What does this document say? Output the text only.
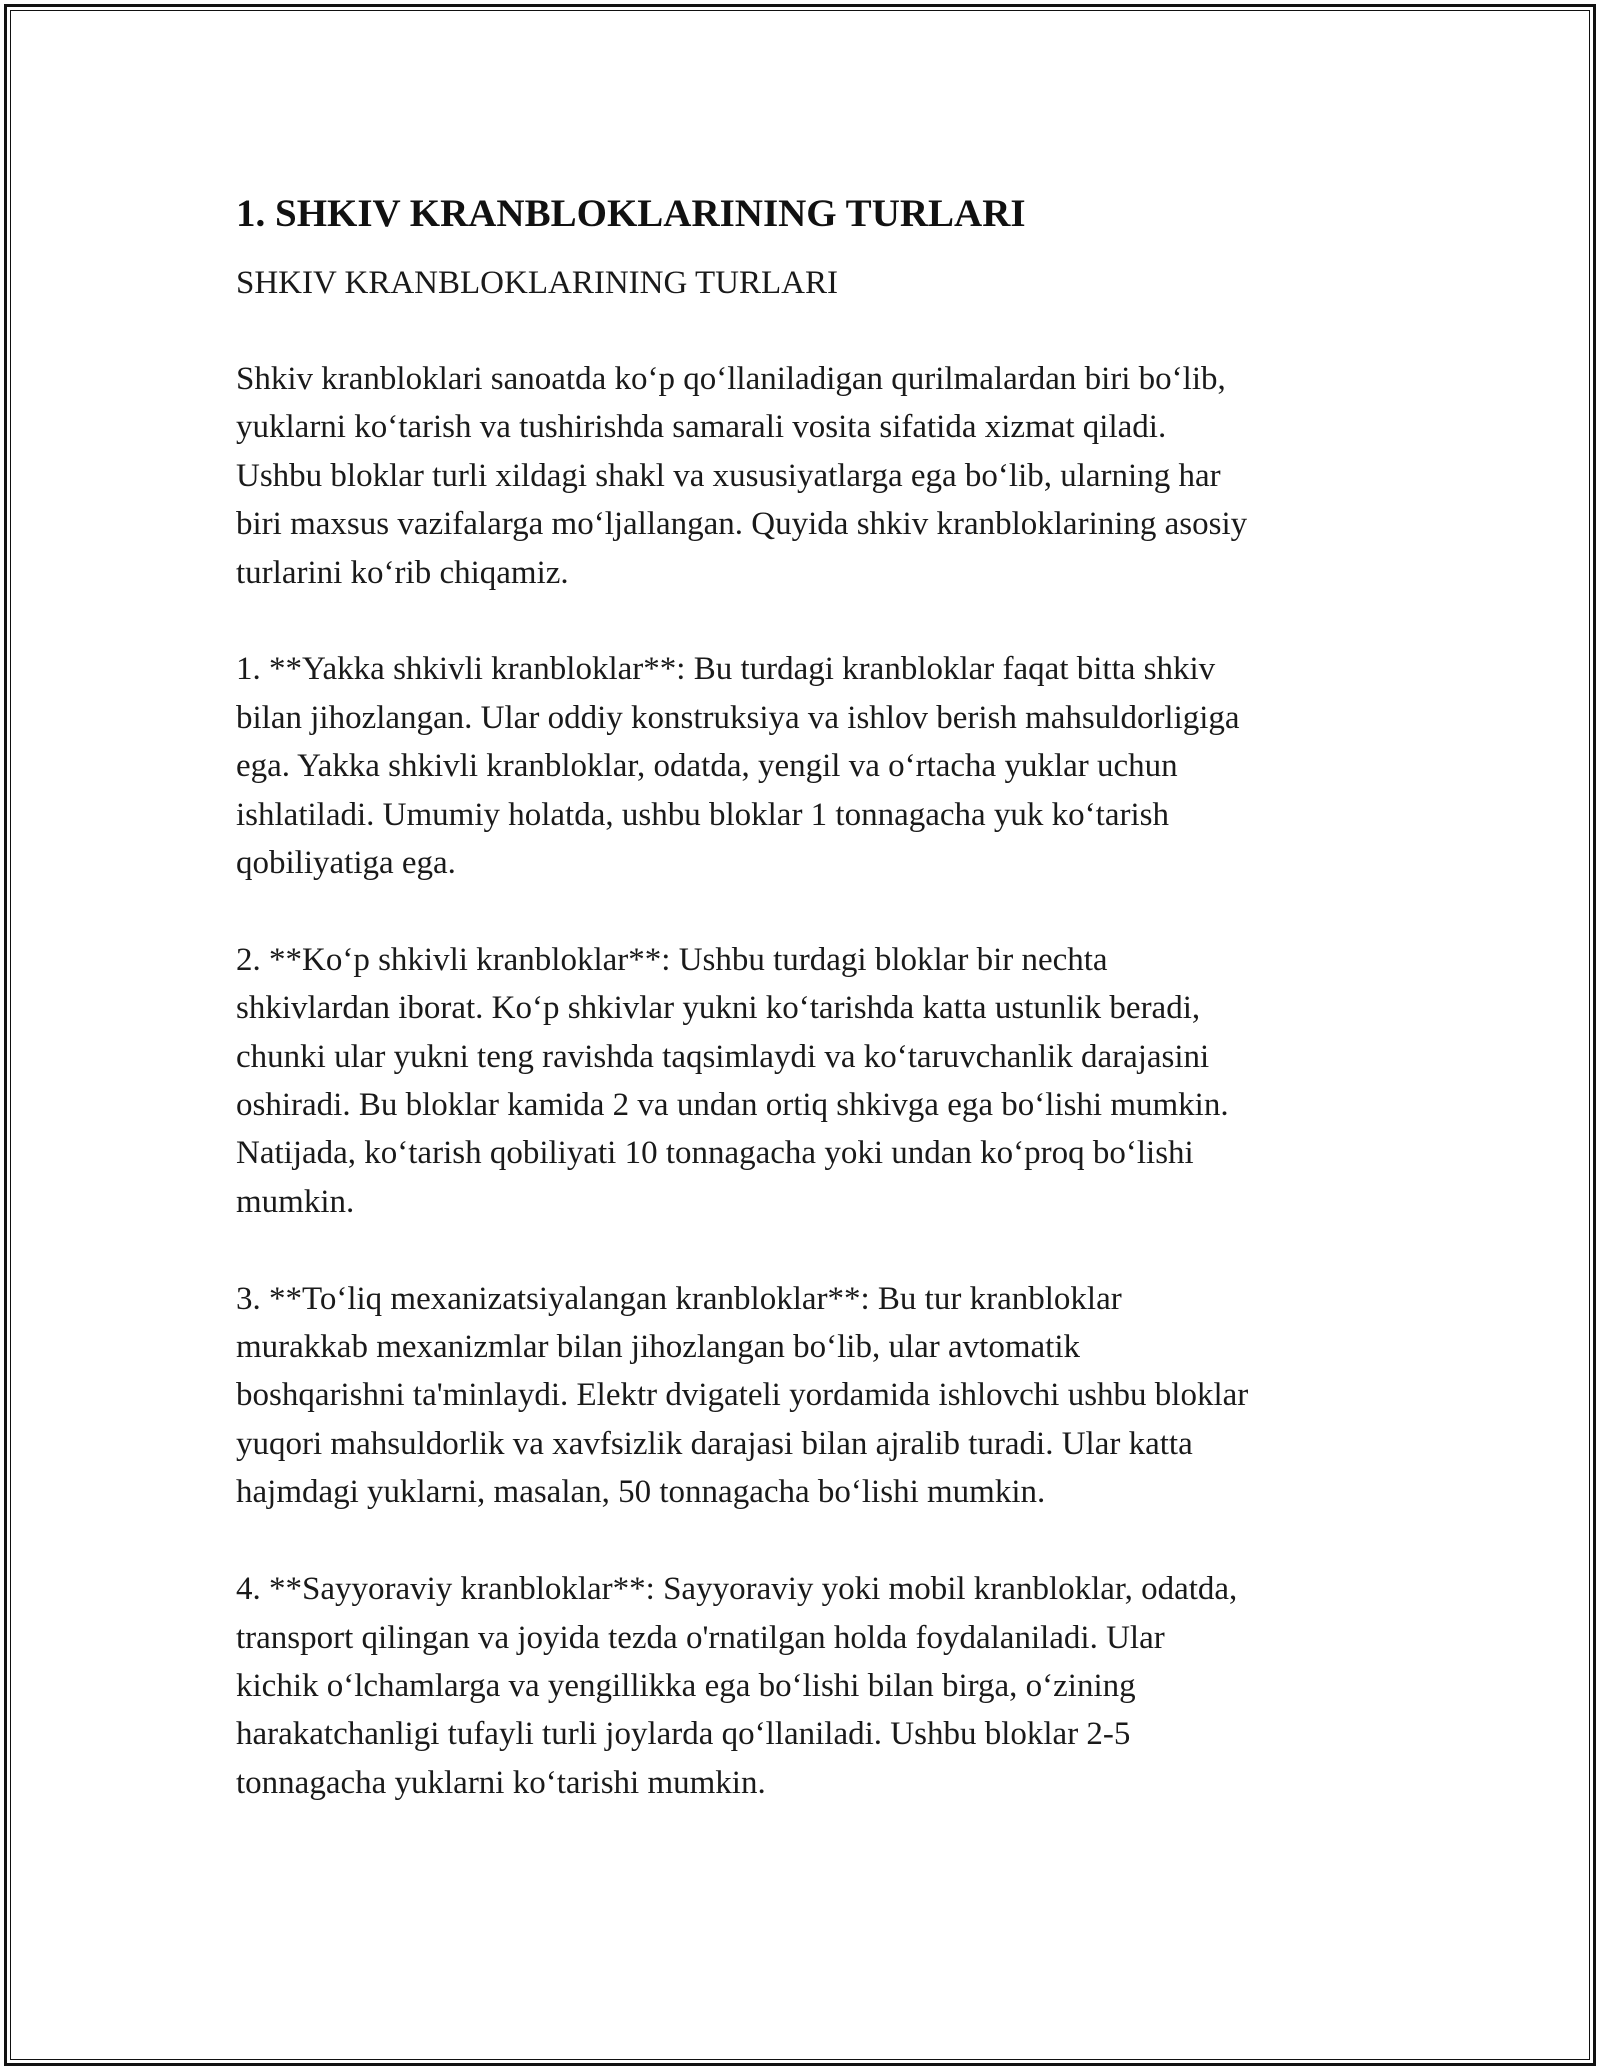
1. SHKIV KRANBLOKLARINING TURLARI
SHKIV KRANBLOKLARINING TURLARI

Shkiv kranbloklari sanoatda ko‘p qo‘llaniladigan qurilmalardan biri bo‘lib,
yuklarni ko‘tarish va tushirishda samarali vosita sifatida xizmat qiladi.
Ushbu bloklar turli xildagi shakl va xususiyatlarga ega bo‘lib, ularning har
biri maxsus vazifalarga mo‘ljallangan. Quyida shkiv kranbloklarining asosiy
turlarini ko‘rib chiqamiz.

1. **Yakka shkivli kranbloklar**: Bu turdagi kranbloklar faqat bitta shkiv
bilan jihozlangan. Ular oddiy konstruksiya va ishlov berish mahsuldorligiga
ega. Yakka shkivli kranbloklar, odatda, yengil va o‘rtacha yuklar uchun
ishlatiladi. Umumiy holatda, ushbu bloklar 1 tonnagacha yuk ko‘tarish
qobiliyatiga ega.

2. **Ko‘p shkivli kranbloklar**: Ushbu turdagi bloklar bir nechta
shkivlardan iborat. Ko‘p shkivlar yukni ko‘tarishda katta ustunlik beradi,
chunki ular yukni teng ravishda taqsimlaydi va ko‘taruvchanlik darajasini
oshiradi. Bu bloklar kamida 2 va undan ortiq shkivga ega bo‘lishi mumkin.
Natijada, ko‘tarish qobiliyati 10 tonnagacha yoki undan ko‘proq bo‘lishi
mumkin.

3. **To‘liq mexanizatsiyalangan kranbloklar**: Bu tur kranbloklar
murakkab mexanizmlar bilan jihozlangan bo‘lib, ular avtomatik
boshqarishni ta'minlaydi. Elektr dvigateli yordamida ishlovchi ushbu bloklar
yuqori mahsuldorlik va xavfsizlik darajasi bilan ajralib turadi. Ular katta
hajmdagi yuklarni, masalan, 50 tonnagacha bo‘lishi mumkin.

4. **Sayyoraviy kranbloklar**: Sayyoraviy yoki mobil kranbloklar, odatda,
transport qilingan va joyida tezda o'rnatilgan holda foydalaniladi. Ular
kichik o‘lchamlarga va yengillikka ega bo‘lishi bilan birga, o‘zining
harakatchanligi tufayli turli joylarda qo‘llaniladi. Ushbu bloklar 2-5
tonnagacha yuklarni ko‘tarishi mumkin.
